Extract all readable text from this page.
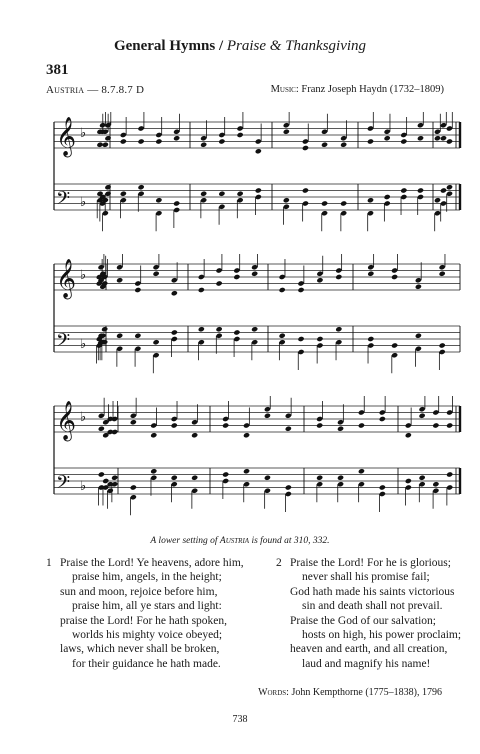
General Hymns / Praise & Thanksgiving
381
Austria — 8.7.8.7 D	Music: Franz Joseph Haydn (1732–1809)
𝄞 ♭
𝄢 ♭
𝄞 ♭
𝄢 ♭
𝄞 ♭
𝄢 ♭
A lower setting of Austria is found at 310, 332.
1 Praise the Lord! Ye heavens, adore him,
praise him, angels, in the height;
sun and moon, rejoice before him,
praise him, all ye stars and light:
praise the Lord! For he hath spoken,
worlds his mighty voice obeyed;
laws, which never shall be broken,
for their guidance he hath made.
2 Praise the Lord! For he is glorious;
never shall his promise fail;
God hath made his saints victorious
sin and death shall not prevail.
Praise the God of our salvation;
hosts on high, his power proclaim;
heaven and earth, and all creation,
laud and magnify his name!
Words: John Kempthorne (1775–1838), 1796
738
